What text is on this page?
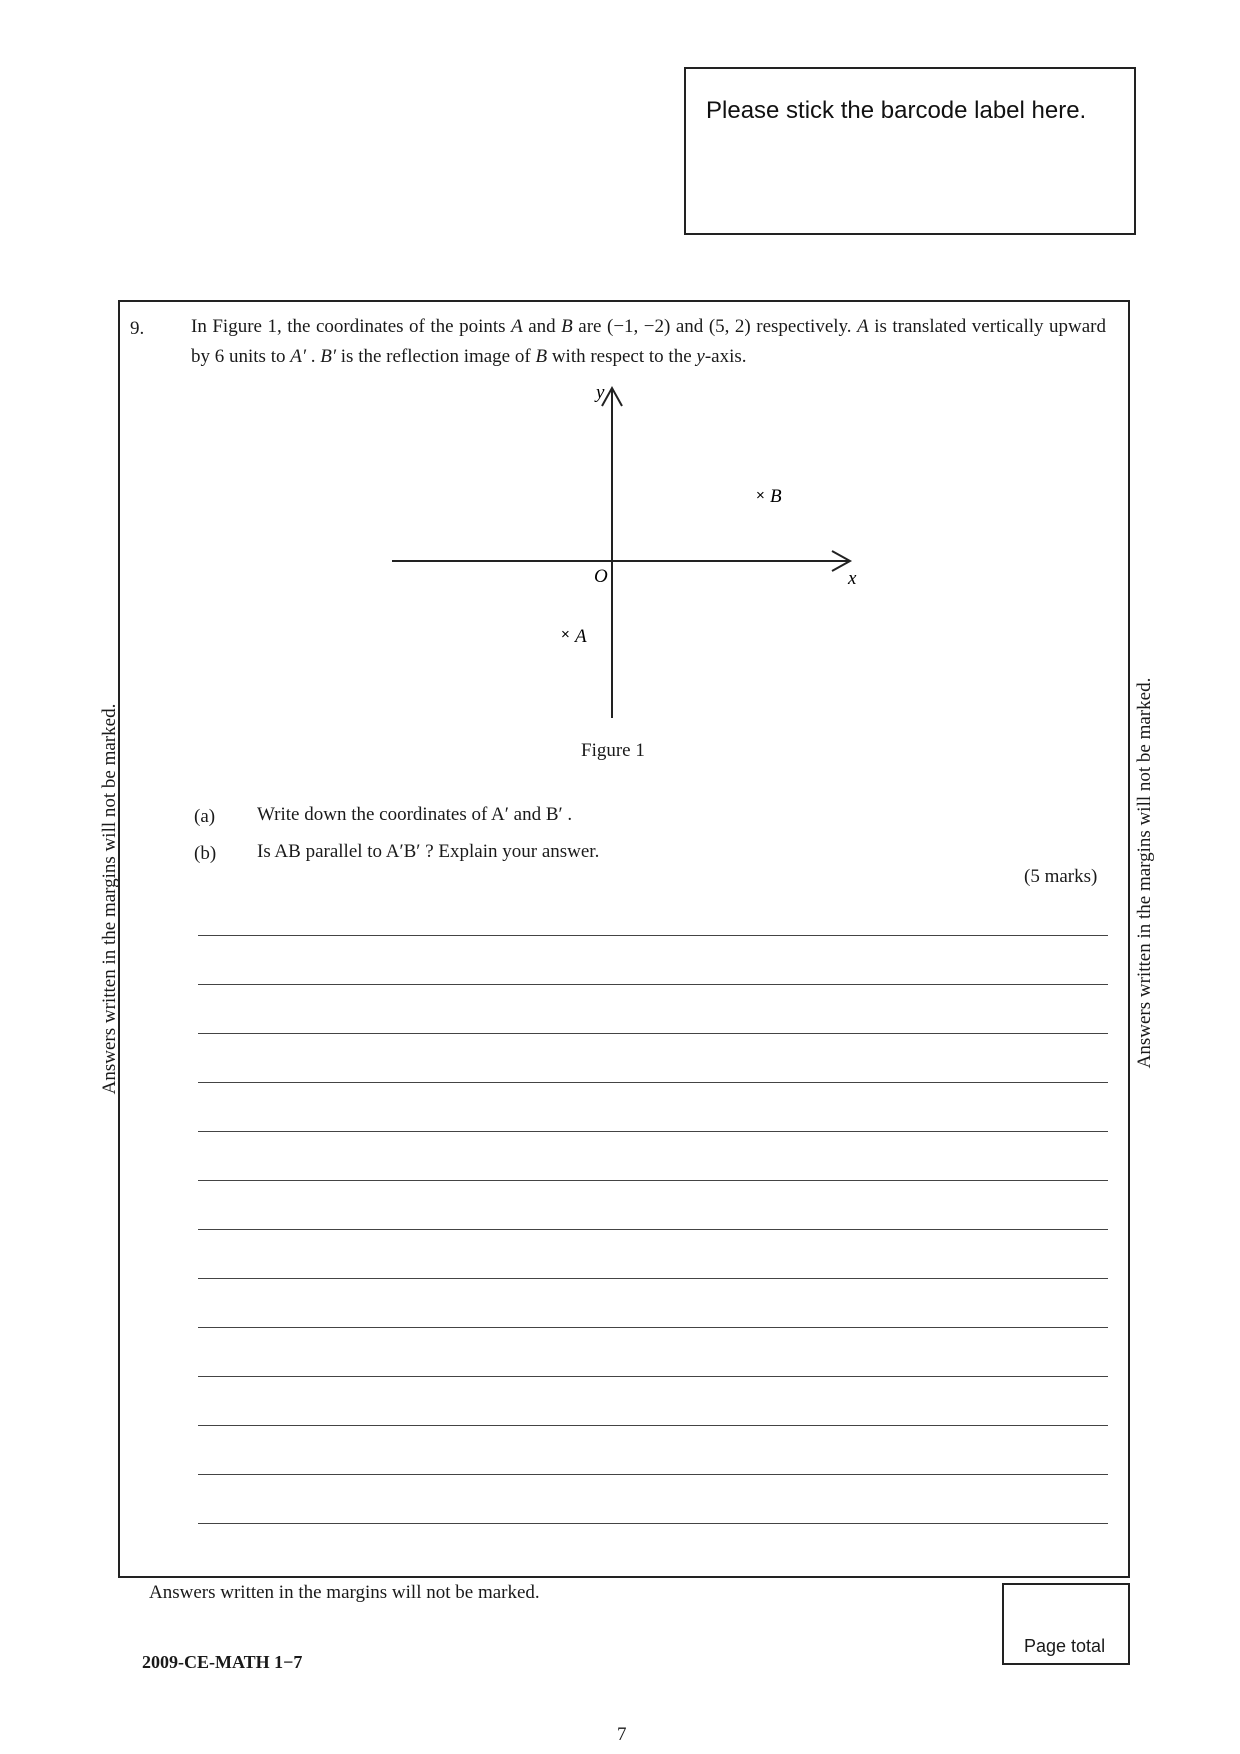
Please stick the barcode label here.
Answers written in the margins will not be marked.	Answers written in the margins will not be marked.
9. In Figure 1, the coordinates of the points A and B are (−1, −2) and (5, 2) respectively. A is translated vertically upward by 6 units to A′ . B′ is the reflection image of B with respect to the y-axis.
y
x
O
× B
× A
Figure 1
(a) Write down the coordinates of A′ and B′ .
(b) Is AB parallel to A′B′ ? Explain your answer.
(5 marks)
Answers written in the margins will not be marked.
Page total
2009-CE-MATH 1−7
7
